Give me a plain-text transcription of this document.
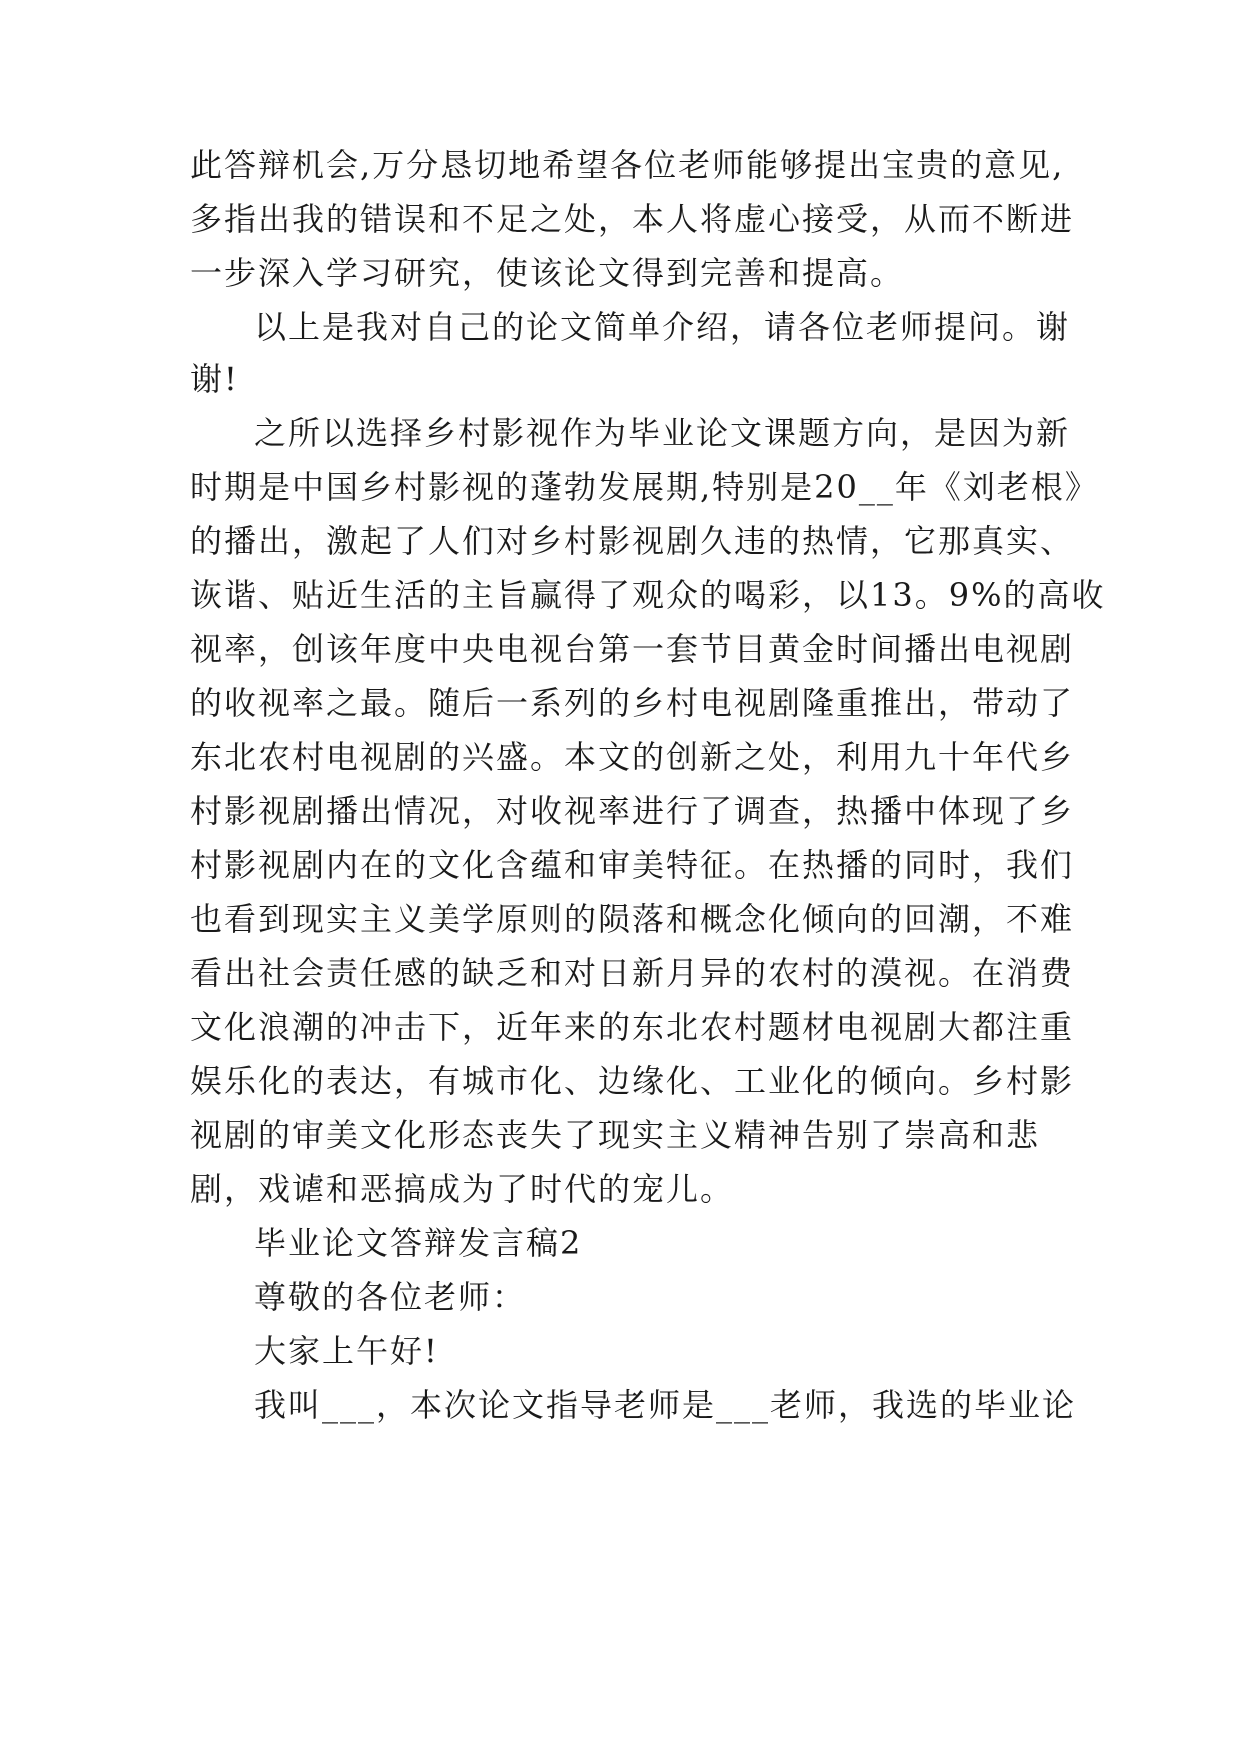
此答辩机会,万分恳切地希望各位老师能够提出宝贵的意见,
多指出我的错误和不足之处，本人将虚心接受，从而不断进
一步深入学习研究，使该论文得到完善和提高。
以上是我对自己的论文简单介绍，请各位老师提问。谢
谢!
之所以选择乡村影视作为毕业论文课题方向，是因为新
时期是中国乡村影视的蓬勃发展期,特别是20__年《刘老根》
的播出，激起了人们对乡村影视剧久违的热情，它那真实、
诙谐、贴近生活的主旨赢得了观众的喝彩，以13。9%的高收
视率，创该年度中央电视台第一套节目黄金时间播出电视剧
的收视率之最。随后一系列的乡村电视剧隆重推出，带动了
东北农村电视剧的兴盛。本文的创新之处，利用九十年代乡
村影视剧播出情况，对收视率进行了调查，热播中体现了乡
村影视剧内在的文化含蕴和审美特征。在热播的同时，我们
也看到现实主义美学原则的陨落和概念化倾向的回潮，不难
看出社会责任感的缺乏和对日新月异的农村的漠视。在消费
文化浪潮的冲击下，近年来的东北农村题材电视剧大都注重
娱乐化的表达，有城市化、边缘化、工业化的倾向。乡村影
视剧的审美文化形态丧失了现实主义精神告别了崇高和悲
剧，戏谑和恶搞成为了时代的宠儿。
毕业论文答辩发言稿2
尊敬的各位老师：
大家上午好!
我叫___，本次论文指导老师是___老师，我选的毕业论
